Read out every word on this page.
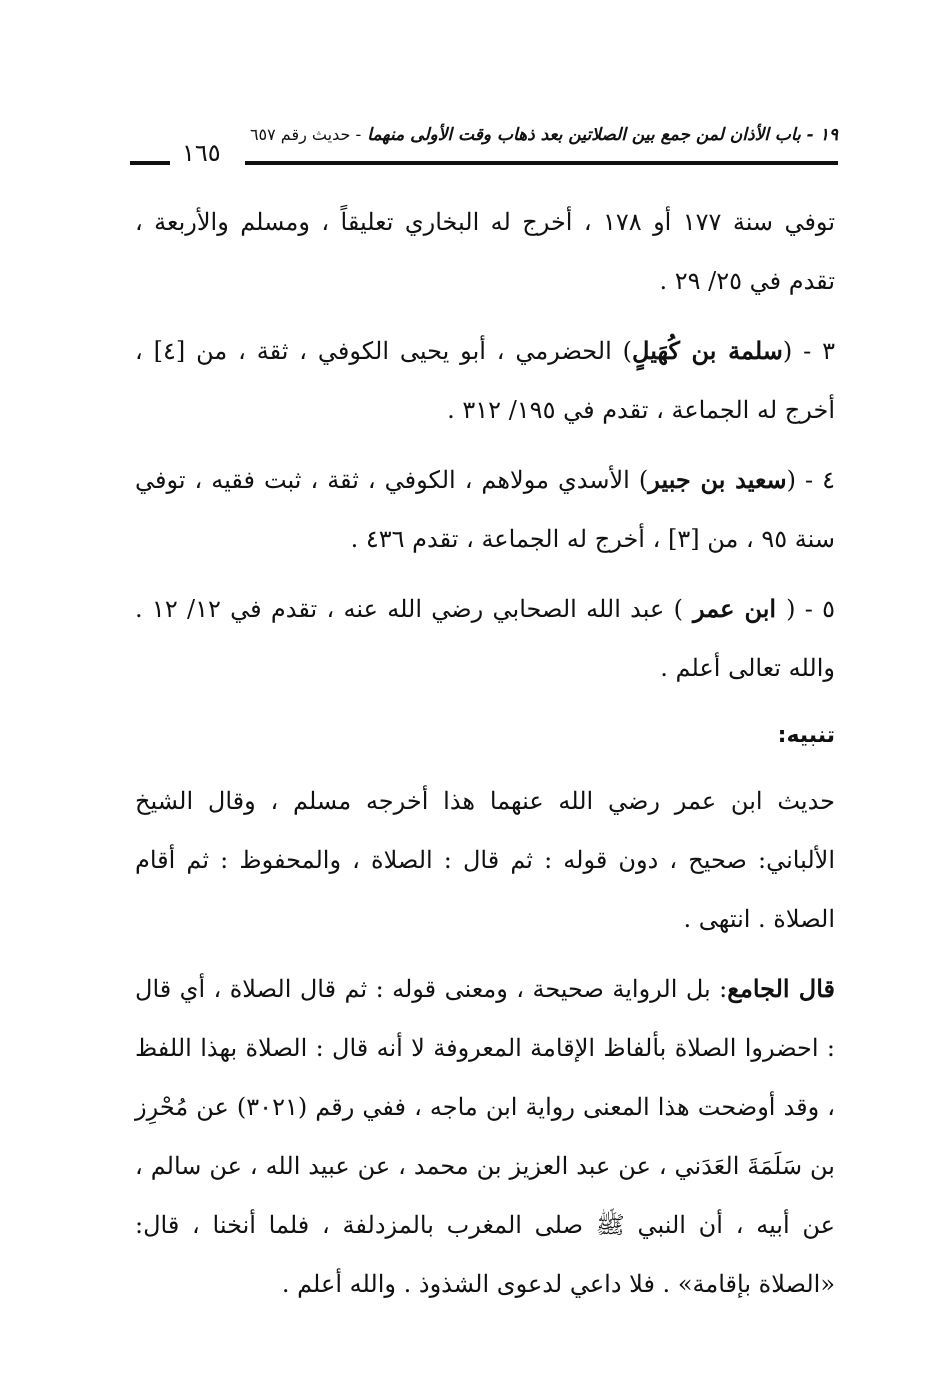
١٩ - باب الأذان لمن جمع بين الصلاتين بعد ذهاب وقت الأولى منهما - حديث رقم ٦٥٧
١٦٥

توفي سنة ١٧٧ أو ١٧٨ ، أخرج له البخاري تعليقاً ، ومسلم والأربعة ، تقدم في ٢٥/ ٢٩ .

٣ - (سلمة بن كُهَيلٍ) الحضرمي ، أبو يحيى الكوفي ، ثقة ، من [٤] ، أخرج له الجماعة ، تقدم في ١٩٥/ ٣١٢ .

٤ - (سعيد بن جبير) الأسدي مولاهم ، الكوفي ، ثقة ، ثبت فقيه ، توفي سنة ٩٥ ، من [٣] ، أخرج له الجماعة ، تقدم ٤٣٦ .

٥ - ( ابن عمر ) عبد الله الصحابي رضي الله عنه ، تقدم في ١٢/ ١٢ . والله تعالى أعلم .

تنبيه:

حديث ابن عمر رضي الله عنهما هذا أخرجه مسلم ، وقال الشيخ الألباني: صحيح ، دون قوله : ثم قال : الصلاة ، والمحفوظ : ثم أقام الصلاة . انتهى .

قال الجامع: بل الرواية صحيحة ، ومعنى قوله : ثم قال الصلاة ، أي قال : احضروا الصلاة بألفاظ الإقامة المعروفة لا أنه قال : الصلاة بهذا اللفظ ، وقد أوضحت هذا المعنى رواية ابن ماجه ، ففي رقم (٣٠٢١) عن مُحْرِز بن سَلَمَةَ العَدَني ، عن عبد العزيز بن محمد ، عن عبيد الله ، عن سالم ، عن أبيه ، أن النبي ﷺ صلى المغرب بالمزدلفة ، فلما أنخنا ، قال: «الصلاة بإقامة» . فلا داعي لدعوى الشذوذ . والله أعلم .
